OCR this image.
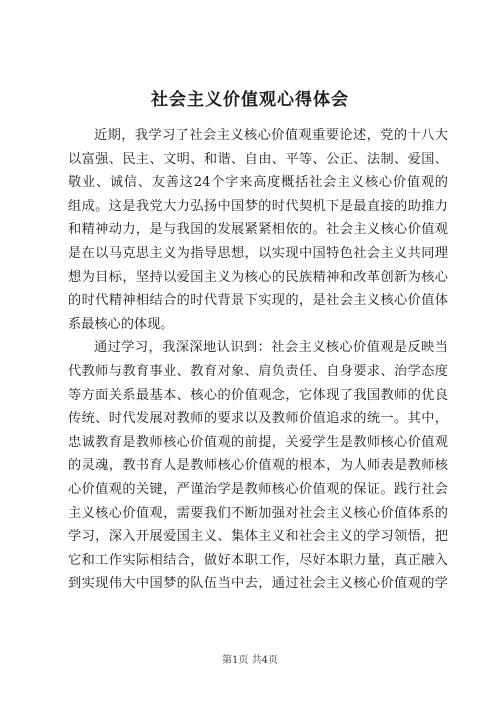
社会主义价值观心得体会
近期，我学习了社会主义核心价值观重要论述，党的十八大
以富强、民主、文明、和谐、自由、平等、公正、法制、爱国、
敬业、诚信、友善这24个字来高度概括社会主义核心价值观的
组成。这是我党大力弘扬中国梦的时代契机下是最直接的助推力
和精神动力，是与我国的发展紧紧相依的。社会主义核心价值观
是在以马克思主义为指导思想，以实现中国特色社会主义共同理
想为目标，坚持以爱国主义为核心的民族精神和改革创新为核心
的时代精神相结合的时代背景下实现的，是社会主义核心价值体
系最核心的体现。
通过学习，我深深地认识到：社会主义核心价值观是反映当
代教师与教育事业、教育对象、肩负责任、自身要求、治学态度
等方面关系最基本、核心的价值观念，它体现了我国教师的优良
传统、时代发展对教师的要求以及教师价值追求的统一。其中，
忠诚教育是教师核心价值观的前提，关爱学生是教师核心价值观
的灵魂，教书育人是教师核心价值观的根本，为人师表是教师核
心价值观的关键，严谨治学是教师核心价值观的保证。践行社会
主义核心价值观，需要我们不断加强对社会主义核心价值体系的
学习，深入开展爱国主义、集体主义和社会主义的学习领悟，把
它和工作实际相结合，做好本职工作，尽好本职力量，真正融入
到实现伟大中国梦的队伍当中去，通过社会主义核心价值观的学
第1页 共4页
